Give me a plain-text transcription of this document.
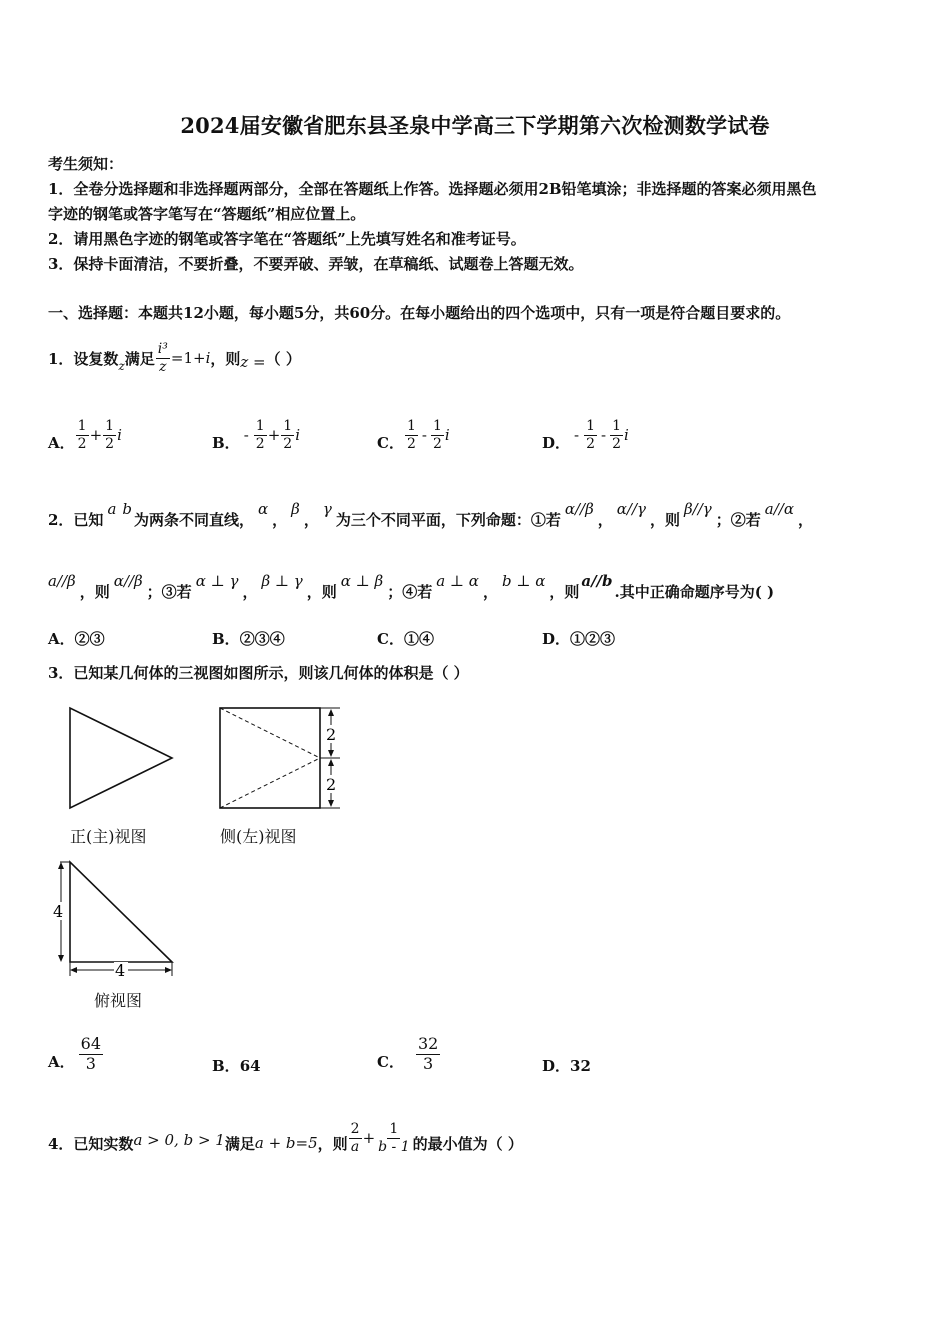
2024届安徽省肥东县圣泉中学高三下学期第六次检测数学试卷
考生须知：
1．全卷分选择题和非选择题两部分，全部在答题纸上作答。选择题必须用2B铅笔填涂；非选择题的答案必须用黑色
字迹的钢笔或答字笔写在“答题纸”相应位置上。
2．请用黑色字迹的钢笔或答字笔在“答题纸”上先填写姓名和准考证号。
3．保持卡面清洁，不要折叠，不要弄破、弄皱，在草稿纸、试题卷上答题无效。
一、选择题：本题共12小题，每小题5分，共60分。在每小题给出的四个选项中，只有一项是符合题目要求的。
1．设复数 z 满足 $\frac{\text{i³}}{z} =1+ i$ ，则 z = （ ）
A． $\frac{1}{2} + \frac{1}{2}$ i	B． - $\frac{1}{2} + \frac{1}{2}$ i	C． $\frac{1}{2} - \frac{1}{2}$ i	D． - $\frac{1}{2} - \frac{1}{2}$ i
2．已知
a b
为两条不同直线，
α
，
β
，
γ
为三个不同平面，下列命题：①若
α//β
，
α//γ
，则
β//γ
；②若
a//α
，
a//β
，则
α//β
；③若
α ⊥ γ
，
β ⊥ γ
，则
α ⊥ β
；④若
a ⊥ α
，
b ⊥ α
，则
a//b
.其中正确命题序号为( )
A．②③	B．②③④	C．①④	D．①②③
3．已知某几何体的三视图如图所示，则该几何体的体积是（ ）
正(主)视图
2
2
侧(左)视图
4
4
俯视图
A． $\frac{64}{3}$	B．64	C． $\frac{32}{3}$	D．32
4．已知实数 a > 0, b > 1 满足 a + b=5 ，则 $\frac{2}{a} + \frac{1}{b - 1}$ 的最小值为（ ）
